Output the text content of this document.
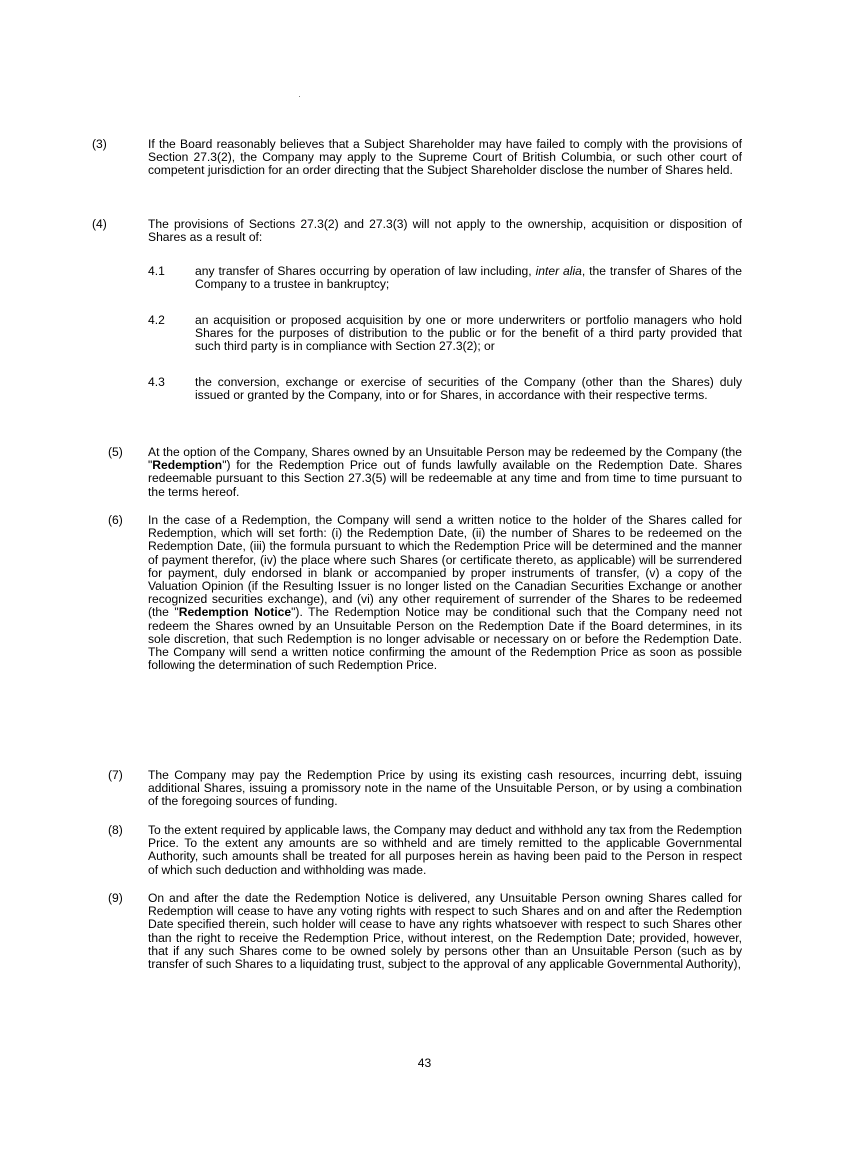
(3)	If the Board reasonably believes that a Subject Shareholder may have failed to comply with the provisions of Section 27.3(2), the Company may apply to the Supreme Court of British Columbia, or such other court of competent jurisdiction for an order directing that the Subject Shareholder disclose the number of Shares held.
(4)	The provisions of Sections 27.3(2) and 27.3(3) will not apply to the ownership, acquisition or disposition of Shares as a result of:
4.1 any transfer of Shares occurring by operation of law including, inter alia, the transfer of Shares of the Company to a trustee in bankruptcy;
4.2 an acquisition or proposed acquisition by one or more underwriters or portfolio managers who hold Shares for the purposes of distribution to the public or for the benefit of a third party provided that such third party is in compliance with Section 27.3(2); or
4.3 the conversion, exchange or exercise of securities of the Company (other than the Shares) duly issued or granted by the Company, into or for Shares, in accordance with their respective terms.
(5) At the option of the Company, Shares owned by an Unsuitable Person may be redeemed by the Company (the "Redemption") for the Redemption Price out of funds lawfully available on the Redemption Date. Shares redeemable pursuant to this Section 27.3(5) will be redeemable at any time and from time to time pursuant to the terms hereof.
(6) In the case of a Redemption, the Company will send a written notice to the holder of the Shares called for Redemption, which will set forth: (i) the Redemption Date, (ii) the number of Shares to be redeemed on the Redemption Date, (iii) the formula pursuant to which the Redemption Price will be determined and the manner of payment therefor, (iv) the place where such Shares (or certificate thereto, as applicable) will be surrendered for payment, duly endorsed in blank or accompanied by proper instruments of transfer, (v) a copy of the Valuation Opinion (if the Resulting Issuer is no longer listed on the Canadian Securities Exchange or another recognized securities exchange), and (vi) any other requirement of surrender of the Shares to be redeemed (the "Redemption Notice"). The Redemption Notice may be conditional such that the Company need not redeem the Shares owned by an Unsuitable Person on the Redemption Date if the Board determines, in its sole discretion, that such Redemption is no longer advisable or necessary on or before the Redemption Date. The Company will send a written notice confirming the amount of the Redemption Price as soon as possible following the determination of such Redemption Price.
(7) The Company may pay the Redemption Price by using its existing cash resources, incurring debt, issuing additional Shares, issuing a promissory note in the name of the Unsuitable Person, or by using a combination of the foregoing sources of funding.
(8) To the extent required by applicable laws, the Company may deduct and withhold any tax from the Redemption Price. To the extent any amounts are so withheld and are timely remitted to the applicable Governmental Authority, such amounts shall be treated for all purposes herein as having been paid to the Person in respect of which such deduction and withholding was made.
(9) On and after the date the Redemption Notice is delivered, any Unsuitable Person owning Shares called for Redemption will cease to have any voting rights with respect to such Shares and on and after the Redemption Date specified therein, such holder will cease to have any rights whatsoever with respect to such Shares other than the right to receive the Redemption Price, without interest, on the Redemption Date; provided, however, that if any such Shares come to be owned solely by persons other than an Unsuitable Person (such as by transfer of such Shares to a liquidating trust, subject to the approval of any applicable Governmental Authority),
43
